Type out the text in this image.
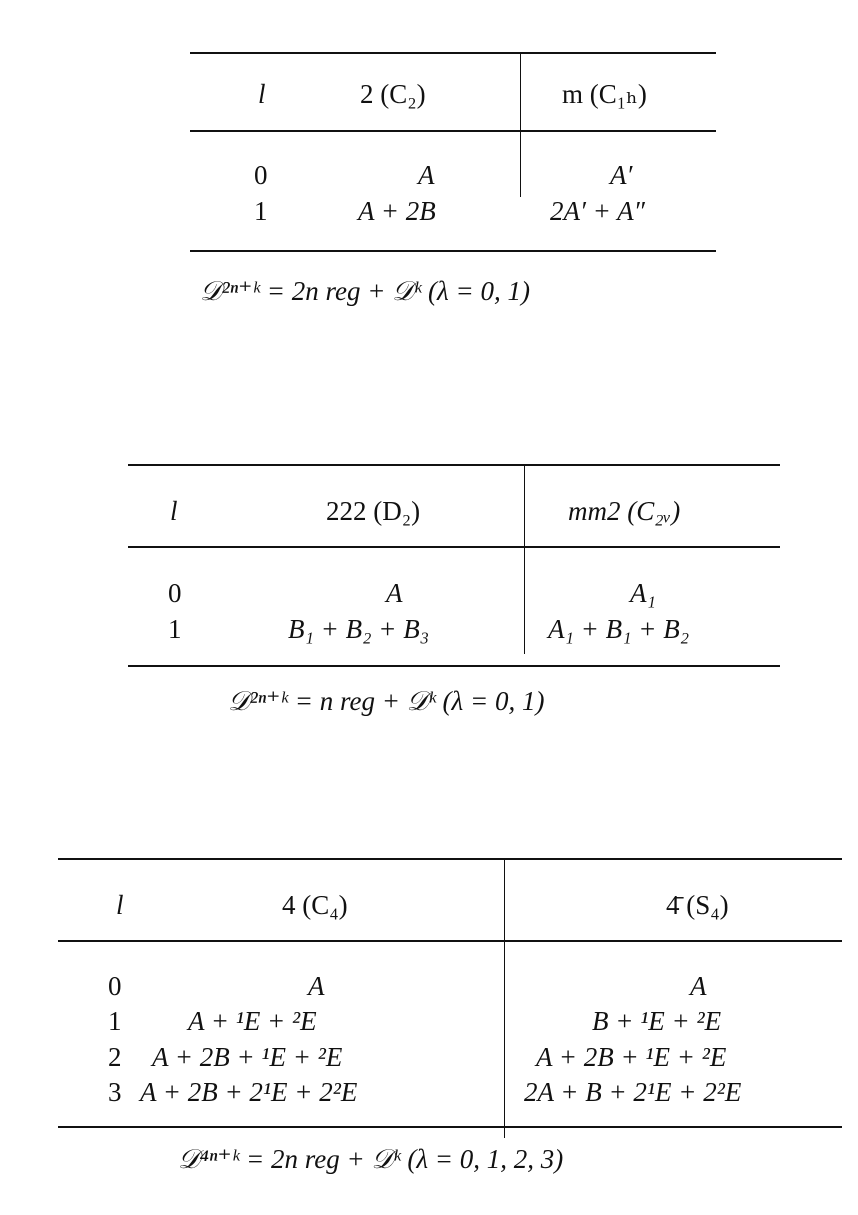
l	2 (C₂)	m (C₁ₕ)
0	A	A′
1	A + 2B	2A′ + A″
𝒟²ⁿ⁺ᵏ = 2n reg + 𝒟ᵏ (λ = 0, 1)
l	222 (D₂)	mm2 (C₂ᵥ)
0	A	A₁
1	B₁ + B₂ + B₃	A₁ + B₁ + B₂
𝒟²ⁿ⁺ᵏ = n reg + 𝒟ᵏ (λ = 0, 1)
l	4 (C₄)	4̄ (S₄)
0	A	A
1 A + ¹E + ²E	B + ¹E + ²E
2 A + 2B + ¹E + ²E	A + 2B + ¹E + ²E
3 A + 2B + 2¹E + 2²E	2A + B + 2¹E + 2²E
𝒟⁴ⁿ⁺ᵏ = 2n reg + 𝒟ᵏ (λ = 0, 1, 2, 3)
